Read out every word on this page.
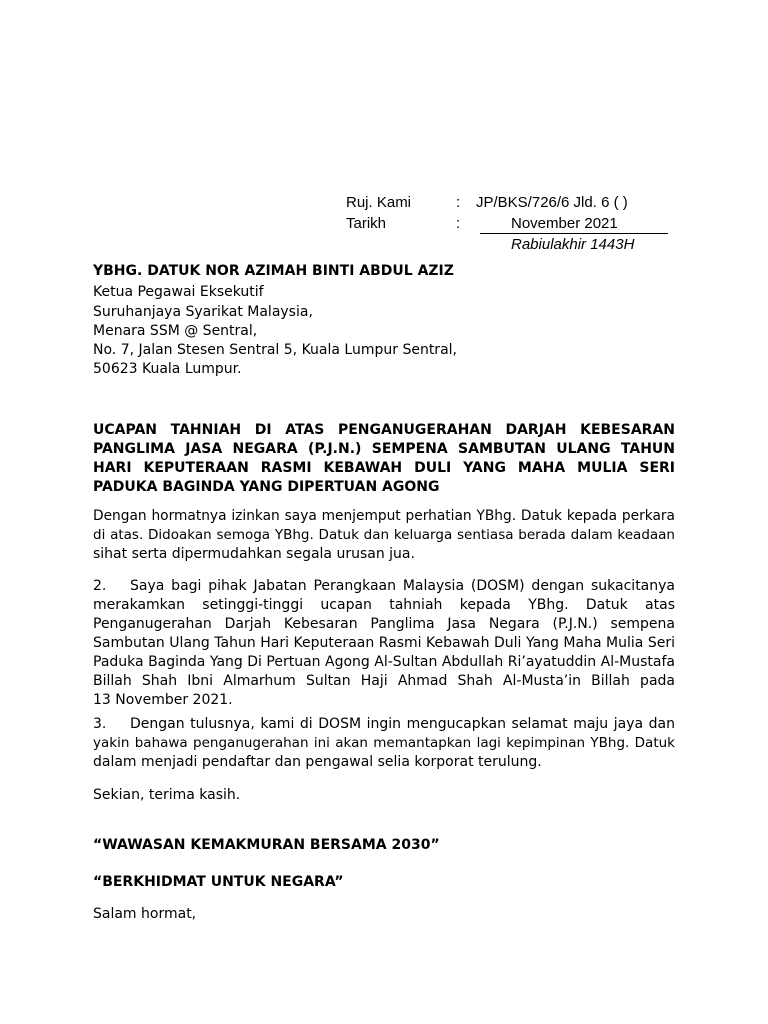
Ruj. Kami	: JP/BKS/726/6 Jld. 6 ( )
Tarikh	:	November 2021
Rabiulakhir 1443H
YBHG. DATUK NOR AZIMAH BINTI ABDUL AZIZ
Ketua Pegawai Eksekutif
Suruhanjaya Syarikat Malaysia,
Menara SSM @ Sentral,
No. 7, Jalan Stesen Sentral 5, Kuala Lumpur Sentral,
50623 Kuala Lumpur.
UCAPAN TAHNIAH DI ATAS PENGANUGERAHAN DARJAH KEBESARAN
PANGLIMA JASA NEGARA (P.J.N.) SEMPENA SAMBUTAN ULANG TAHUN
HARI KEPUTERAAN RASMI KEBAWAH DULI YANG MAHA MULIA SERI
PADUKA BAGINDA YANG DIPERTUAN AGONG
Dengan hormatnya izinkan saya menjemput perhatian YBhg. Datuk kepada perkara
di atas. Didoakan semoga YBhg. Datuk dan keluarga sentiasa berada dalam keadaan
sihat serta dipermudahkan segala urusan jua.
2. Saya bagi pihak Jabatan Perangkaan Malaysia (DOSM) dengan sukacitanya
merakamkan setinggi-tinggi ucapan tahniah kepada YBhg. Datuk atas
Penganugerahan Darjah Kebesaran Panglima Jasa Negara (P.J.N.) sempena
Sambutan Ulang Tahun Hari Keputeraan Rasmi Kebawah Duli Yang Maha Mulia Seri
Paduka Baginda Yang Di Pertuan Agong Al-Sultan Abdullah Ri’ayatuddin Al-Mustafa
Billah Shah Ibni Almarhum Sultan Haji Ahmad Shah Al-Musta’in Billah pada
13 November 2021.
3. Dengan tulusnya, kami di DOSM ingin mengucapkan selamat maju jaya dan
yakin bahawa penganugerahan ini akan memantapkan lagi kepimpinan YBhg. Datuk
dalam menjadi pendaftar dan pengawal selia korporat terulung.
Sekian, terima kasih.
“WAWASAN KEMAKMURAN BERSAMA 2030”
“BERKHIDMAT UNTUK NEGARA”
Salam hormat,
